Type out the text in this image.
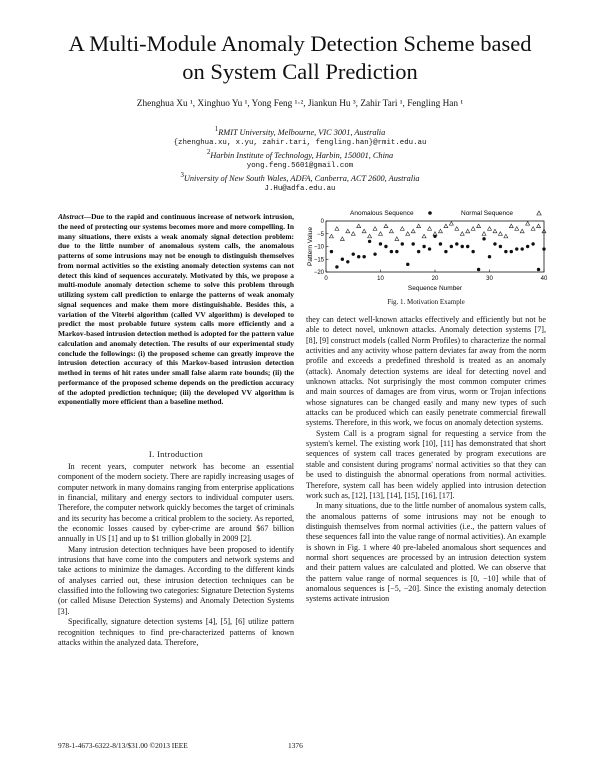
A Multi-Module Anomaly Detection Scheme based
on System Call Prediction
Zhenghua Xu ¹, Xinghuo Yu ¹, Yong Feng ¹·², Jiankun Hu ³, Zahir Tari ¹, Fengling Han ¹
$^1$RMIT University, Melbourne, VIC 3001, Australia
{zhenghua.xu, x.yu, zahir.tari, fengling.han}@rmit.edu.au
$^2$Harbin Institute of Technology, Harbin, 150001, China
yong.feng.5601@gmail.com
$^3$University of New South Wales, ADFA, Canberra, ACT 2600, Australia
J.Hu@adfa.edu.au
Abstract—Due to the rapid and continuous increase of network intrusion, the need of protecting our systems becomes more and more compelling. In many situations, there exists a weak anomaly signal detection problem: due to the little number of anomalous system calls, the anomalous patterns of some intrusions may not be enough to distinguish themselves from normal activities so the existing anomaly detection systems can not detect this kind of sequences accurately. Motivated by this, we propose a multi-module anomaly detection scheme to solve this problem through utilizing system call prediction to enlarge the patterns of weak anomaly signal sequences and make them more distinguishable. Besides this, a variation of the Viterbi algorithm (called VV algorithm) is developed to predict the most probable future system calls more efficiently and a Markov-based intrusion detection method is adopted for the pattern value calculation and anomaly detection. The results of our experimental study conclude the followings: (i) the proposed scheme can greatly improve the intrusion detection accuracy of this Markov-based intrusion detection method in terms of hit rates under small false alarm rate bounds; (ii) the performance of the proposed scheme depends on the prediction accuracy of the adopted prediction technique; (iii) the developed VV algorithm is exponentially more efficient than a baseline method.
I. Introduction

In recent years, computer network has become an essential component of the modern society. There are rapidly increasing usages of computer network in many domains ranging from enterprise applications in financial, military and energy sectors to individual computer users. Therefore, the computer network quickly becomes the target of criminals and its security has become a critical problem to the society. As reported, the economic losses caused by cyber-crime are around $67 billion annually in US [1] and up to $1 trillion globally in 2009 [2].

Many intrusion detection techniques have been proposed to identify intrusions that have come into the computers and network systems and take actions to minimize the damages. According to the different kinds of analyses carried out, these intrusion detection techniques can be classified into the following two categories: Signature Detection Systems (or called Misuse Detection Systems) and Anomaly Detection Systems [3].

Specifically, signature detection systems [4], [5], [6] utilize pattern recognition techniques to find pre-characterized patterns of known attacks within the analyzed data. Therefore,

Anomalous Sequence	Normal Sequence
0
−5
−10
−15
−20
0	10	20	30	40
Pattern Value
Sequence Number
Fig. 1. Motivation Example

they can detect well-known attacks effectively and efficiently but not be able to detect novel, unknown attacks. Anomaly detection systems [7], [8], [9] construct models (called Norm Profiles) to characterize the normal activities and any activity whose pattern deviates far away from the norm profile and exceeds a predefined threshold is treated as an anomaly (attack). Anomaly detection systems are ideal for detecting novel and unknown attacks. Not surprisingly the most common computer crimes and main sources of damages are from virus, worm or Trojan infections whose signatures can be changed easily and many new types of such attacks can be produced which can easily penetrate commercial firewall systems. Therefore, in this work, we focus on anomaly detection systems.

System Call is a program signal for requesting a service from the system's kernel. The existing work [10], [11] has demonstrated that short sequences of system call traces generated by program executions are stable and consistent during programs' normal activities so that they can be used to distinguish the abnormal operations from normal activities. Therefore, system call has been widely applied into intrusion detection work such as, [12], [13], [14], [15], [16], [17].

In many situations, due to the little number of anomalous system calls, the anomalous patterns of some intrusions may not be enough to distinguish themselves from normal activities (i.e., the pattern values of these sequences fall into the value range of normal activities). An example is shown in Fig. 1 where 40 pre-labeled anomalous short sequences and normal short sequences are processed by an intrusion detection system and their pattern values are calculated and plotted. We can observe that the pattern value range of normal sequences is [0, −10] while that of anomalous sequences is [−5, −20]. Since the existing anomaly detection systems activate intrusion

978-1-4673-6322-8/13/$31.00 ©2013 IEEE	1376
